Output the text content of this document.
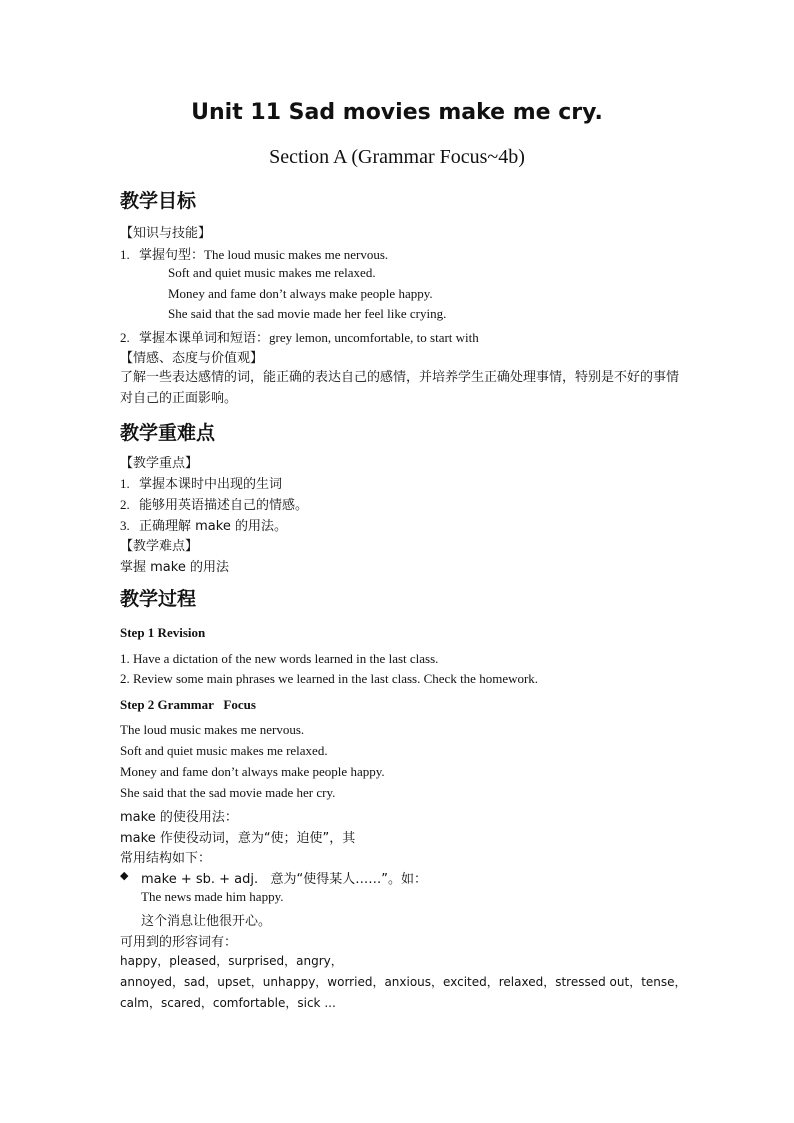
Unit 11 Sad movies make me cry.
Section A (Grammar Focus~4b)
教学目标
【知识与技能】
1. 掌握句型：The loud music makes me nervous.
Soft and quiet music makes me relaxed.
Money and fame don’t always make people happy.
She said that the sad movie made her feel like crying.
2. 掌握本课单词和短语：grey lemon, uncomfortable, to start with
【情感、态度与价值观】
了解一些表达感情的词，能正确的表达自己的感情，并培养学生正确处理事情，特别是不好的事情对自己的正面影响。
教学重难点
【教学重点】
1. 掌握本课时中出现的生词
2. 能够用英语描述自己的情感。
3. 正确理解 make 的用法。
【教学难点】
掌握 make 的用法
教学过程
Step 1 Revision
1. Have a dictation of the new words learned in the last class.
2. Review some main phrases we learned in the last class. Check the homework.
Step 2 Grammar   Focus
The loud music makes me nervous.
Soft and quiet music makes me relaxed.
Money and fame don’t always make people happy.
She said that the sad movie made her cry.
make 的使役用法：
make 作使役动词，意为“使；迫使”，其
常用结构如下：
◆ make + sb. + adj.   意为“使得某人……”。如：
The news made him happy.
这个消息让他很开心。
可用到的形容词有：
happy，pleased，surprised，angry，
annoyed，sad，upset，unhappy，worried，anxious，excited，relaxed，stressed out，tense，
calm，scared，comfortable，sick ...
